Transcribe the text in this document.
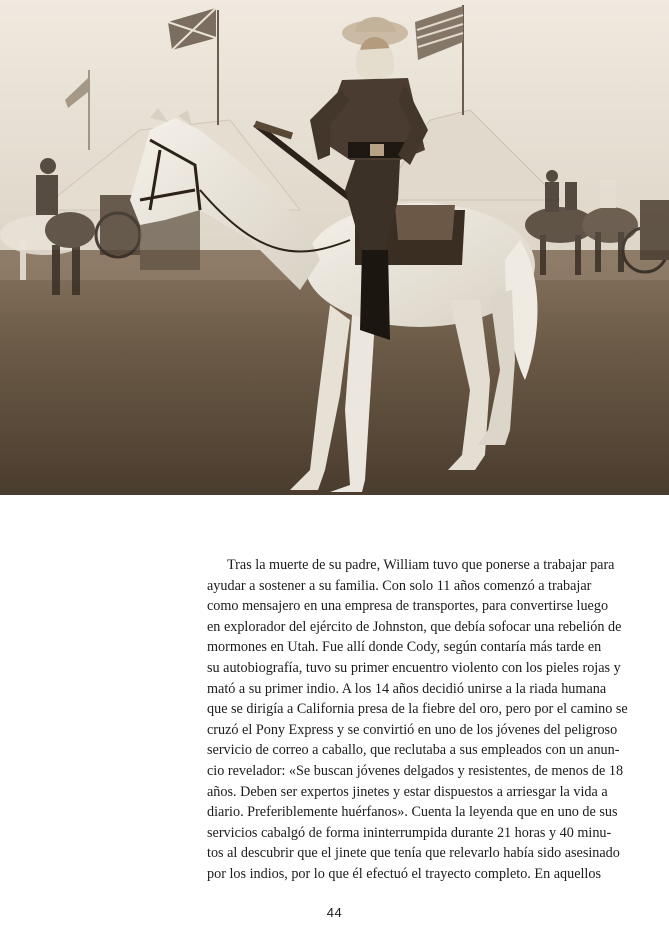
Tras la muerte de su padre, William tuvo que ponerse a trabajar para
ayudar a sostener a su familia. Con solo 11 años comenzó a trabajar
como mensajero en una empresa de transportes, para convertirse luego
en explorador del ejército de Johnston, que debía sofocar una rebelión de
mormones en Utah. Fue allí donde Cody, según contaría más tarde en
su autobiografía, tuvo su primer encuentro violento con los pieles rojas y
mató a su primer indio. A los 14 años decidió unirse a la riada humana
que se dirigía a California presa de la fiebre del oro, pero por el camino se
cruzó el Pony Express y se convirtió en uno de los jóvenes del peligroso
servicio de correo a caballo, que reclutaba a sus empleados con un anun-
cio revelador: «Se buscan jóvenes delgados y resistentes, de menos de 18
años. Deben ser expertos jinetes y estar dispuestos a arriesgar la vida a
diario. Preferiblemente huérfanos». Cuenta la leyenda que en uno de sus
servicios cabalgó de forma ininterrumpida durante 21 horas y 40 minu-
tos al descubrir que el jinete que tenía que relevarlo había sido asesinado
por los indios, por lo que él efectuó el trayecto completo. En aquellos
44
